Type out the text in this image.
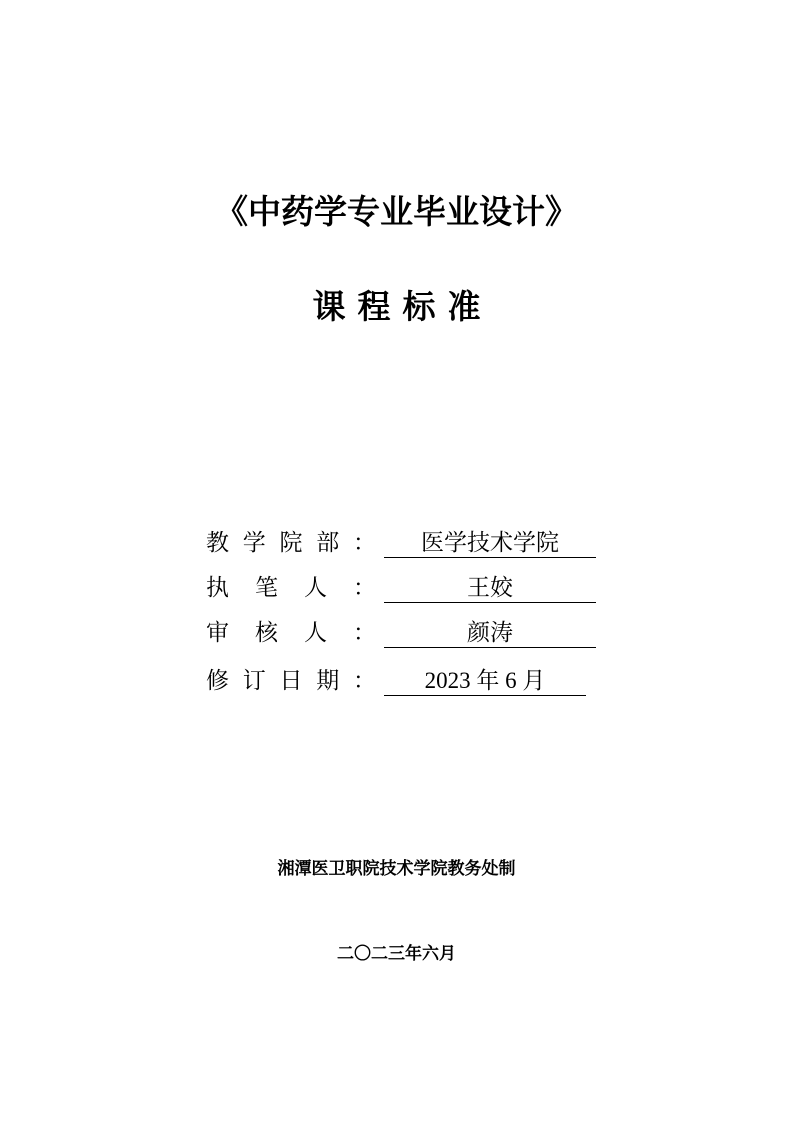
《中药学专业毕业设计》
课 程 标 准
教 学 院 部 ：	医学技术学院
执 笔 人 ：	王姣
审 核 人 ：	颜涛
修 订 日 期 ：	2023 年 6 月
湘潭医卫职院技术学院教务处制
二〇二三年六月
